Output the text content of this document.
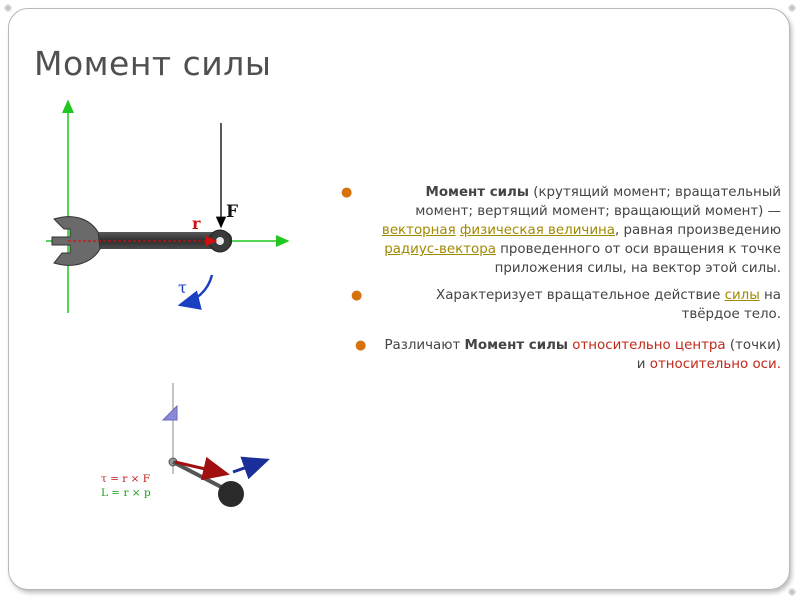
Момент силы
r
F
τ
τ = r × F
L = r × p
●	Момент силы (крутящий момент; вращательный момент; вертящий момент; вращающий момент) — векторная физическая величина, равная произведению радиус-вектора проведенного от оси вращения к точке приложения силы, на вектор этой силы.
●	Характеризует вращательное действие силы на твёрдое тело.
● Различают Момент силы относительно центра (точки) и относительно оси.
